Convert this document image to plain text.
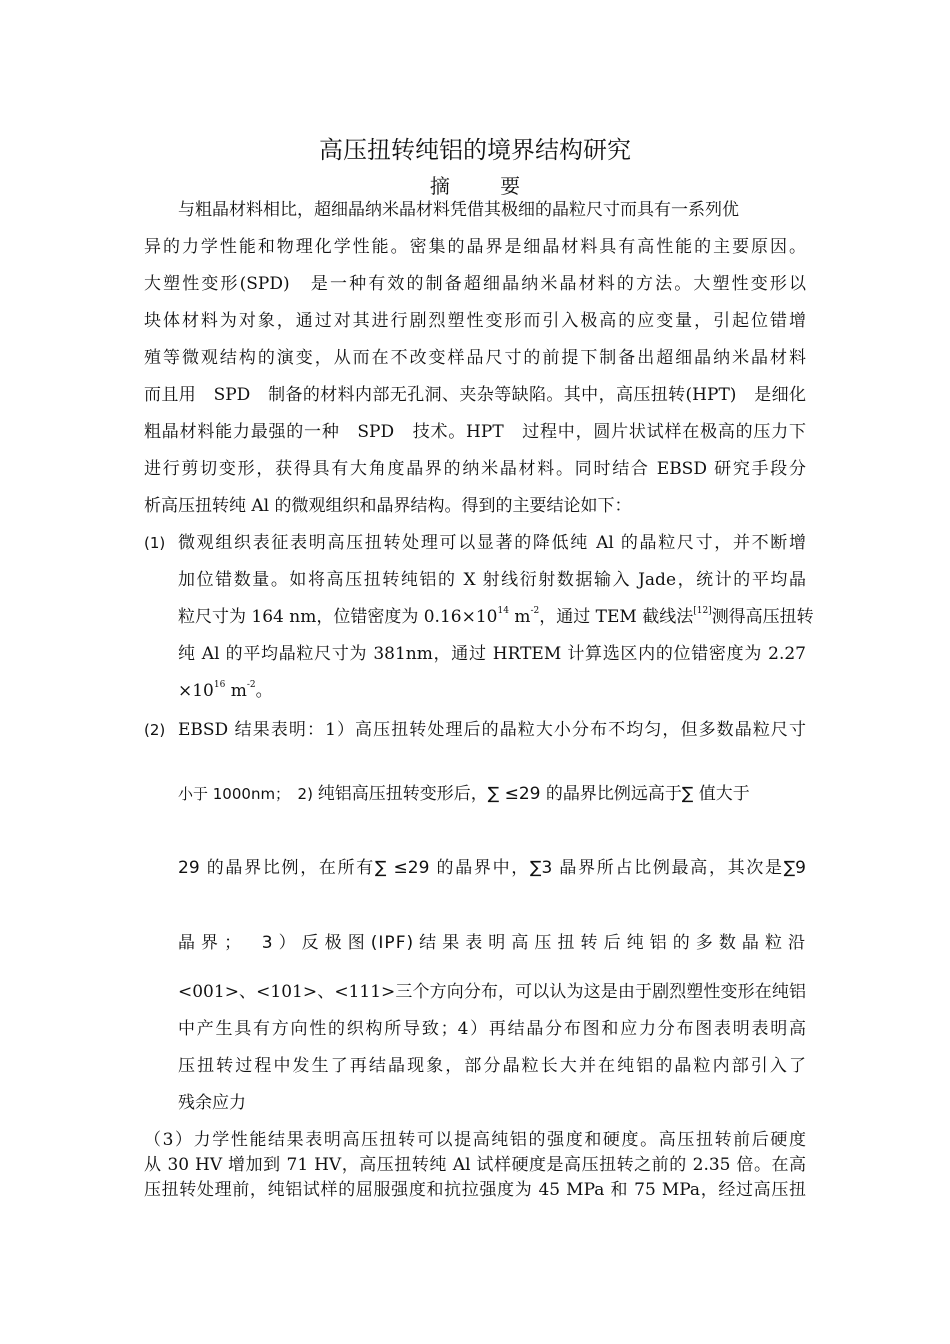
高压扭转纯铝的境界结构研究
摘 要
与粗晶材料相比，超细晶纳米晶材料凭借其极细的晶粒尺寸而具有一系列优
异的力学性能和物理化学性能。密集的晶界是细晶材料具有高性能的主要原因。
大塑性变形(SPD)　是一种有效的制备超细晶纳米晶材料的方法。大塑性变形以
块体材料为对象，通过对其进行剧烈塑性变形而引入极高的应变量，引起位错增
殖等微观结构的演变，从而在不改变样品尺寸的前提下制备出超细晶纳米晶材料
而且用　SPD　制备的材料内部无孔洞、夹杂等缺陷。其中，高压扭转(HPT)　是细化
粗晶材料能力最强的一种　SPD　技术。HPT　过程中，圆片状试样在极高的压力下
进行剪切变形，获得具有大角度晶界的纳米晶材料。同时结合 EBSD 研究手段分
析高压扭转纯 Al 的微观组织和晶界结构。得到的主要结论如下：
(1) 微观组织表征表明高压扭转处理可以显著的降低纯 Al 的晶粒尺寸，并不断增
加位错数量。如将高压扭转纯铝的 X 射线衍射数据输入 Jade，统计的平均晶
粒尺寸为 164 nm，位错密度为 $0.16\times 10^{14}$ $m^{-2}$，通过 TEM 截线法[12]测得高压扭转
纯 Al 的平均晶粒尺寸为 381nm，通过 HRTEM 计算选区内的位错密度为 2.27
$\times 10^{16}$ $m^{-2}$。
(2) EBSD 结果表明：1）高压扭转处理后的晶粒大小分布不均匀，但多数晶粒尺寸
小于 1000nm；　2) 纯铝高压扭转变形后，∑ ≤29 的晶界比例远高于∑ 值大于
29 的晶界比例，在所有∑ ≤29 的晶界中，∑3 晶界所占比例最高，其次是∑9
晶界；　3）反极图(IPF)结果表明高压扭转后纯铝的多数晶粒沿
<001>、<101>、<111>三个方向分布，可以认为这是由于剧烈塑性变形在纯铝
中产生具有方向性的织构所导致；4）再结晶分布图和应力分布图表明表明高
压扭转过程中发生了再结晶现象，部分晶粒长大并在纯铝的晶粒内部引入了
残余应力
（3）力学性能结果表明高压扭转可以提高纯铝的强度和硬度。高压扭转前后硬度
从 30 HV 增加到 71 HV，高压扭转纯 Al 试样硬度是高压扭转之前的 2.35 倍。在高
压扭转处理前，纯铝试样的屈服强度和抗拉强度为 45 MPa 和 75 MPa，经过高压扭
